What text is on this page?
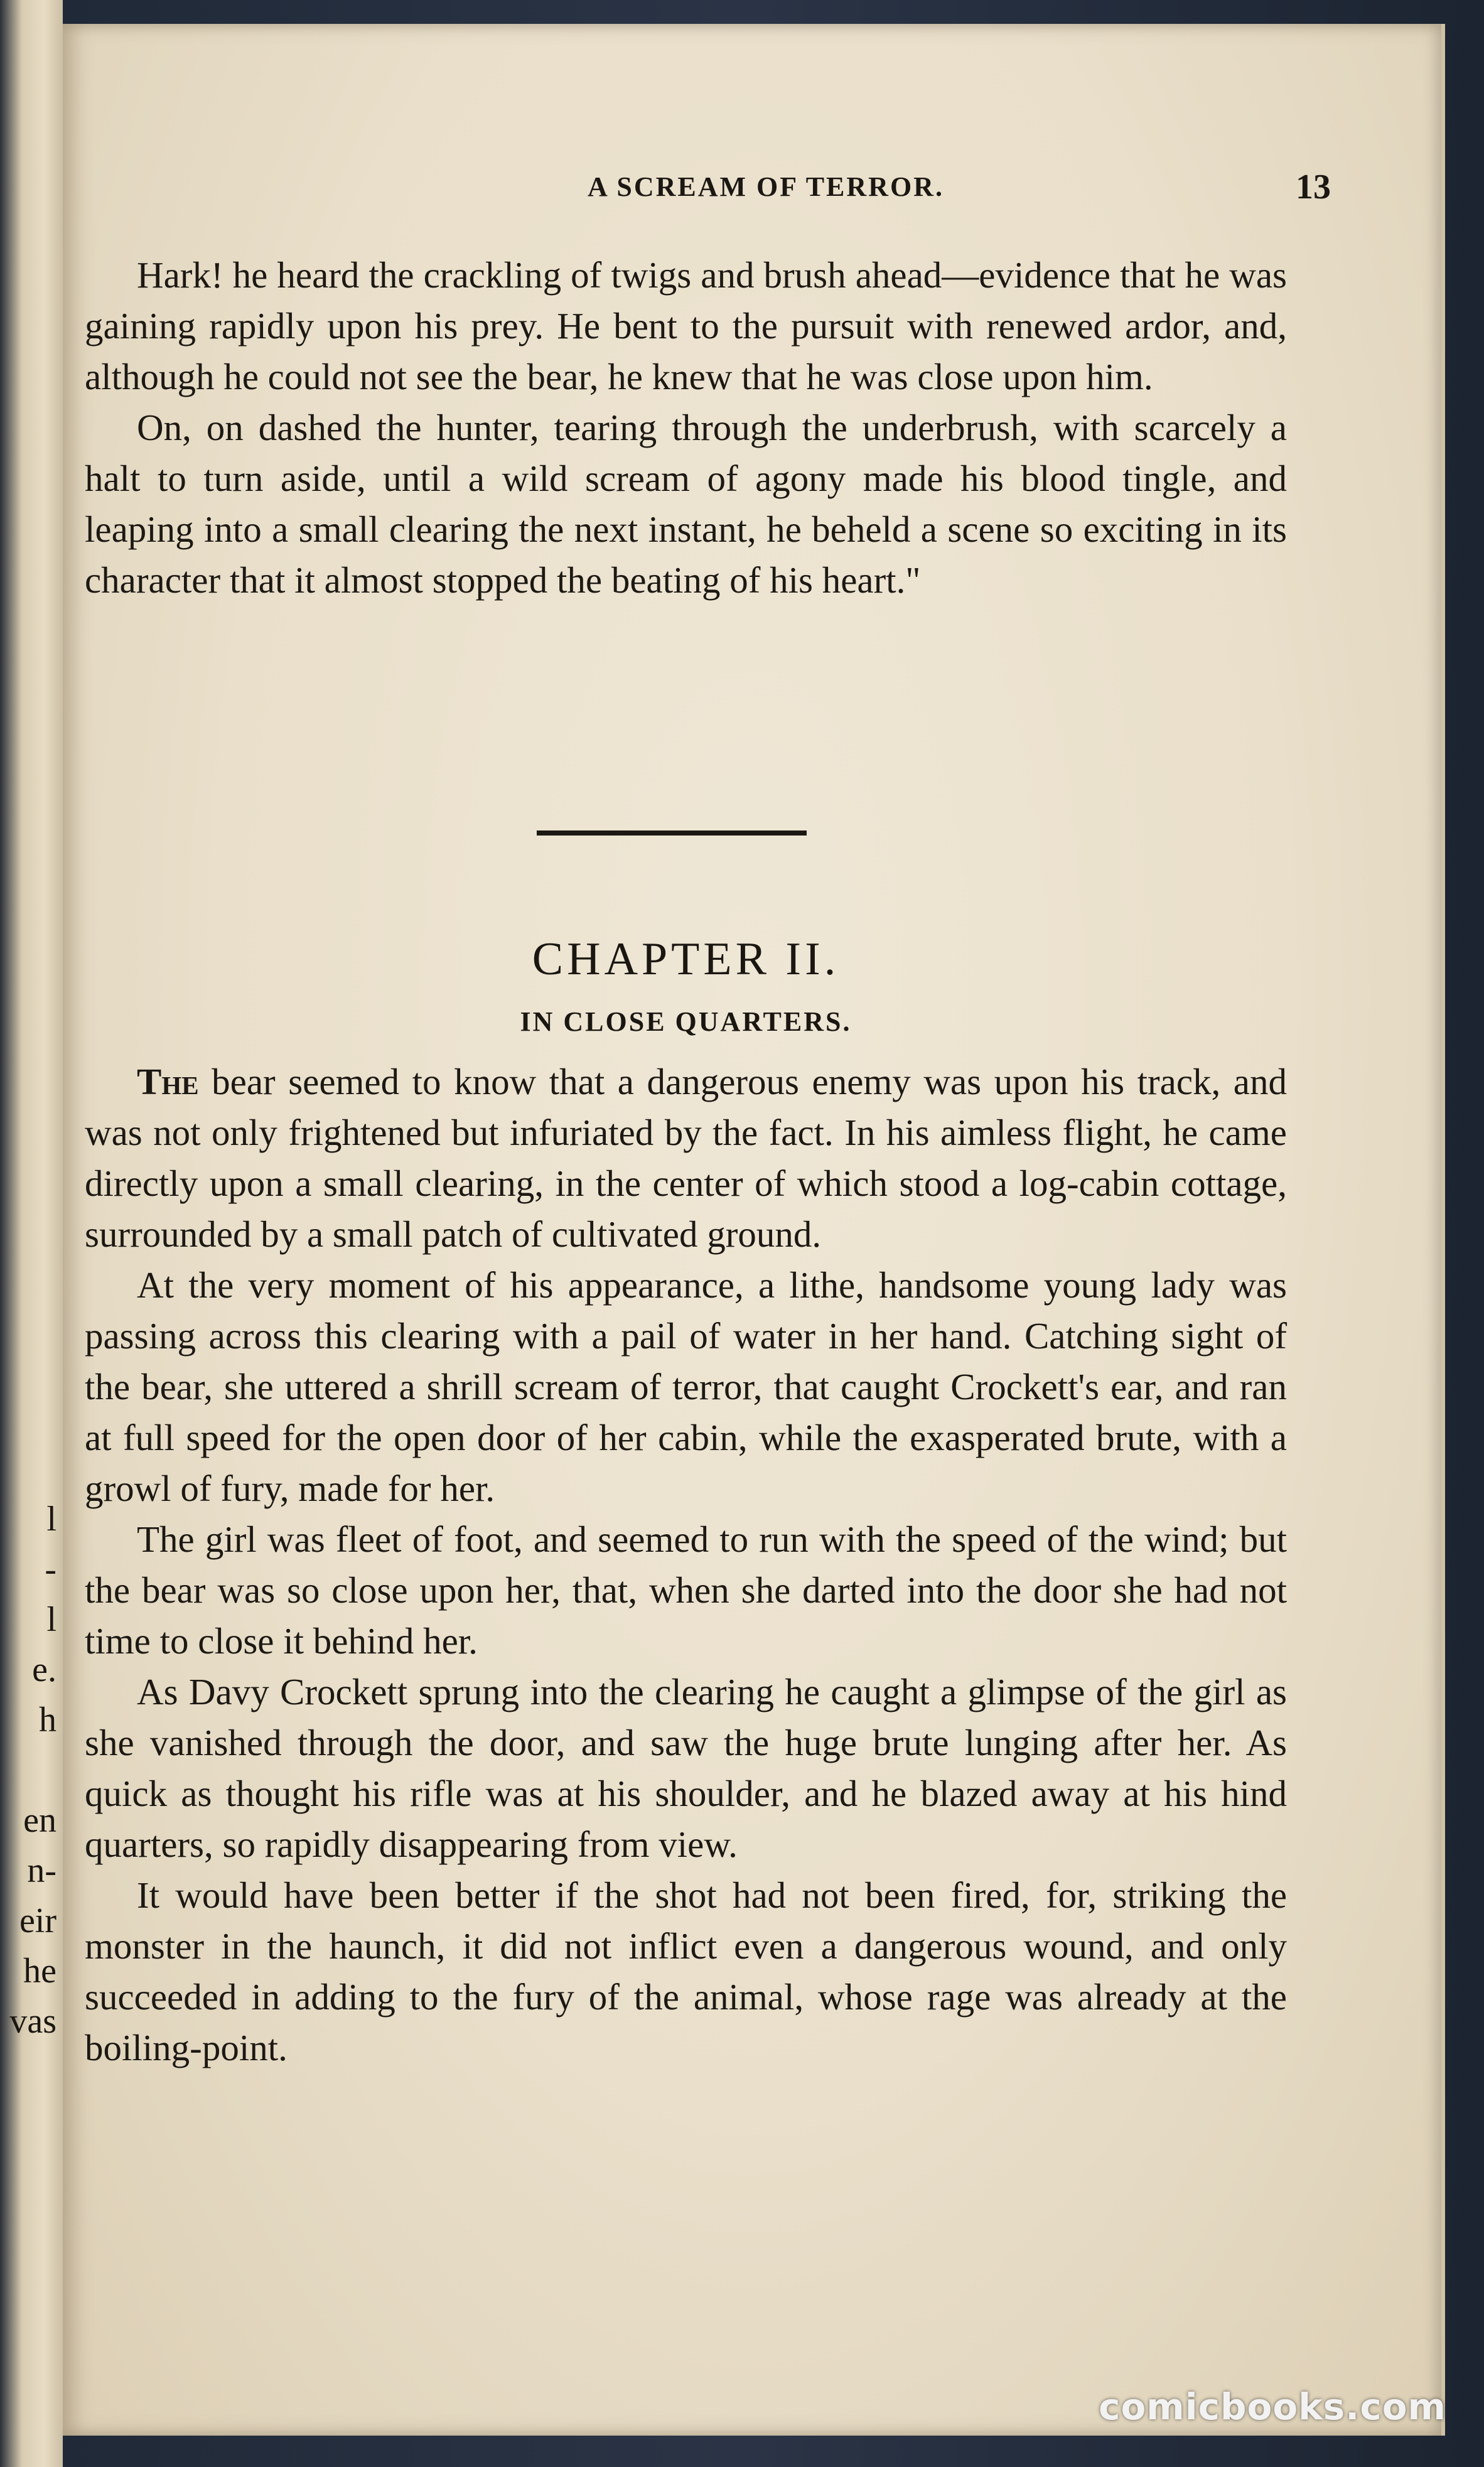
l
-
l
e.
h
en
n-
eir
he
vas
A SCREAM OF TERROR.	13

Hark! he heard the crackling of twigs and brush ahead—evidence that he was gaining rapidly upon his prey. He bent to the pursuit with renewed ardor, and, although he could not see the bear, he knew that he was close upon him.

On, on dashed the hunter, tearing through the underbrush, with scarcely a halt to turn aside, until a wild scream of agony made his blood tingle, and leaping into a small clearing the next instant, he beheld a scene so exciting in its character that it almost stopped the beating of his heart."

CHAPTER II.
IN CLOSE QUARTERS.

The bear seemed to know that a dangerous enemy was upon his track, and was not only frightened but infuriated by the fact. In his aimless flight, he came directly upon a small clearing, in the center of which stood a log-cabin cottage, surrounded by a small patch of cultivated ground.

At the very moment of his appearance, a lithe, handsome young lady was passing across this clearing with a pail of water in her hand. Catching sight of the bear, she uttered a shrill scream of terror, that caught Crockett's ear, and ran at full speed for the open door of her cabin, while the exasperated brute, with a growl of fury, made for her.

The girl was fleet of foot, and seemed to run with the speed of the wind; but the bear was so close upon her, that, when she darted into the door she had not time to close it behind her.

As Davy Crockett sprung into the clearing he caught a glimpse of the girl as she vanished through the door, and saw the huge brute lunging after her. As quick as thought his rifle was at his shoulder, and he blazed away at his hind quarters, so rapidly disappearing from view.

It would have been better if the shot had not been fired, for, striking the monster in the haunch, it did not inflict even a dangerous wound, and only succeeded in adding to the fury of the animal, whose rage was already at the boiling-point.

comicbooks.com
